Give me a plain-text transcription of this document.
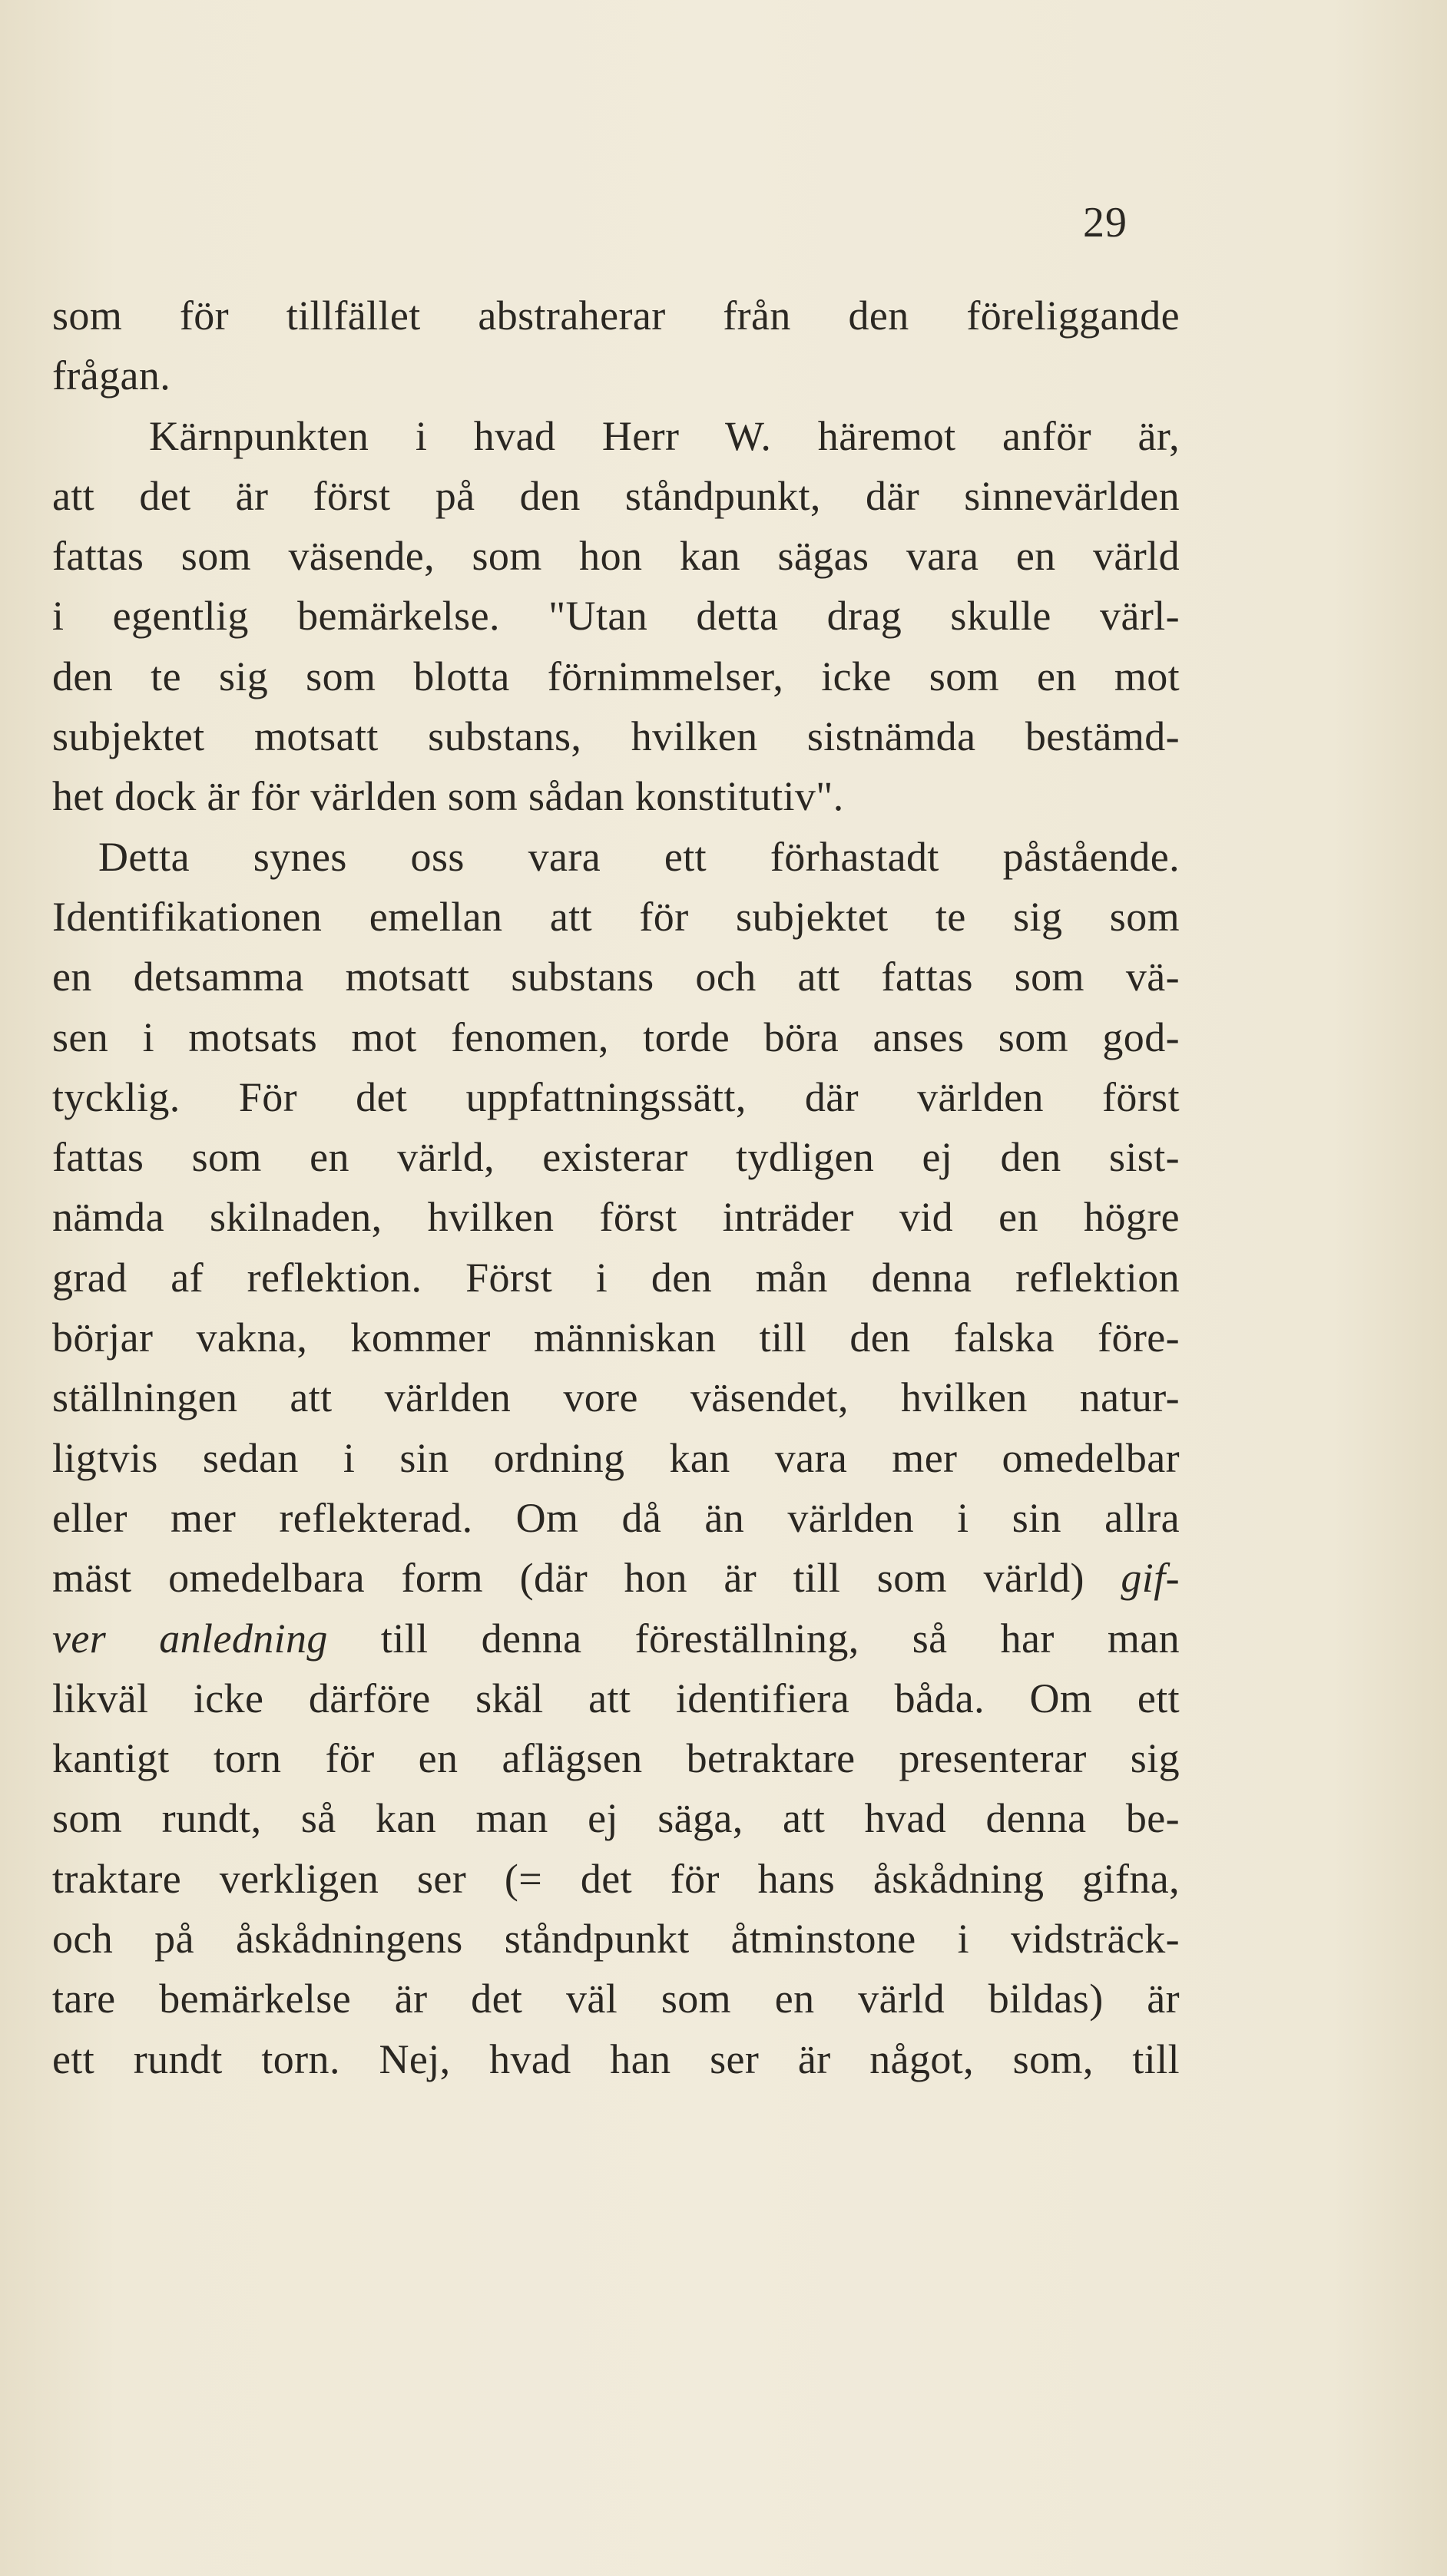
29
som för tillfället abstraherar från den föreliggande
frågan.
Kärnpunkten i hvad Herr W. häremot anför är,
att det är först på den ståndpunkt, där sinnevärlden
fattas som väsende, som hon kan sägas vara en värld
i egentlig bemärkelse. "Utan detta drag skulle värl-
den te sig som blotta förnimmelser, icke som en mot
subjektet motsatt substans, hvilken sistnämda bestämd-
het dock är för världen som sådan konstitutiv".
Detta synes oss vara ett förhastadt påstående.
Identifikationen emellan att för subjektet te sig som
en detsamma motsatt substans och att fattas som vä-
sen i motsats mot fenomen, torde böra anses som god-
tycklig. För det uppfattningssätt, där världen först
fattas som en värld, existerar tydligen ej den sist-
nämda skilnaden, hvilken först inträder vid en högre
grad af reflektion. Först i den mån denna reflektion
börjar vakna, kommer människan till den falska före-
ställningen att världen vore väsendet, hvilken natur-
ligtvis sedan i sin ordning kan vara mer omedelbar
eller mer reflekterad. Om då än världen i sin allra
mäst omedelbara form (där hon är till som värld) gif-
ver anledning till denna föreställning, så har man
likväl icke därföre skäl att identifiera båda. Om ett
kantigt torn för en aflägsen betraktare presenterar sig
som rundt, så kan man ej säga, att hvad denna be-
traktare verkligen ser (= det för hans åskådning gifna,
och på åskådningens ståndpunkt åtminstone i vidsträck-
tare bemärkelse är det väl som en värld bildas) är
ett rundt torn. Nej, hvad han ser är något, som, till
